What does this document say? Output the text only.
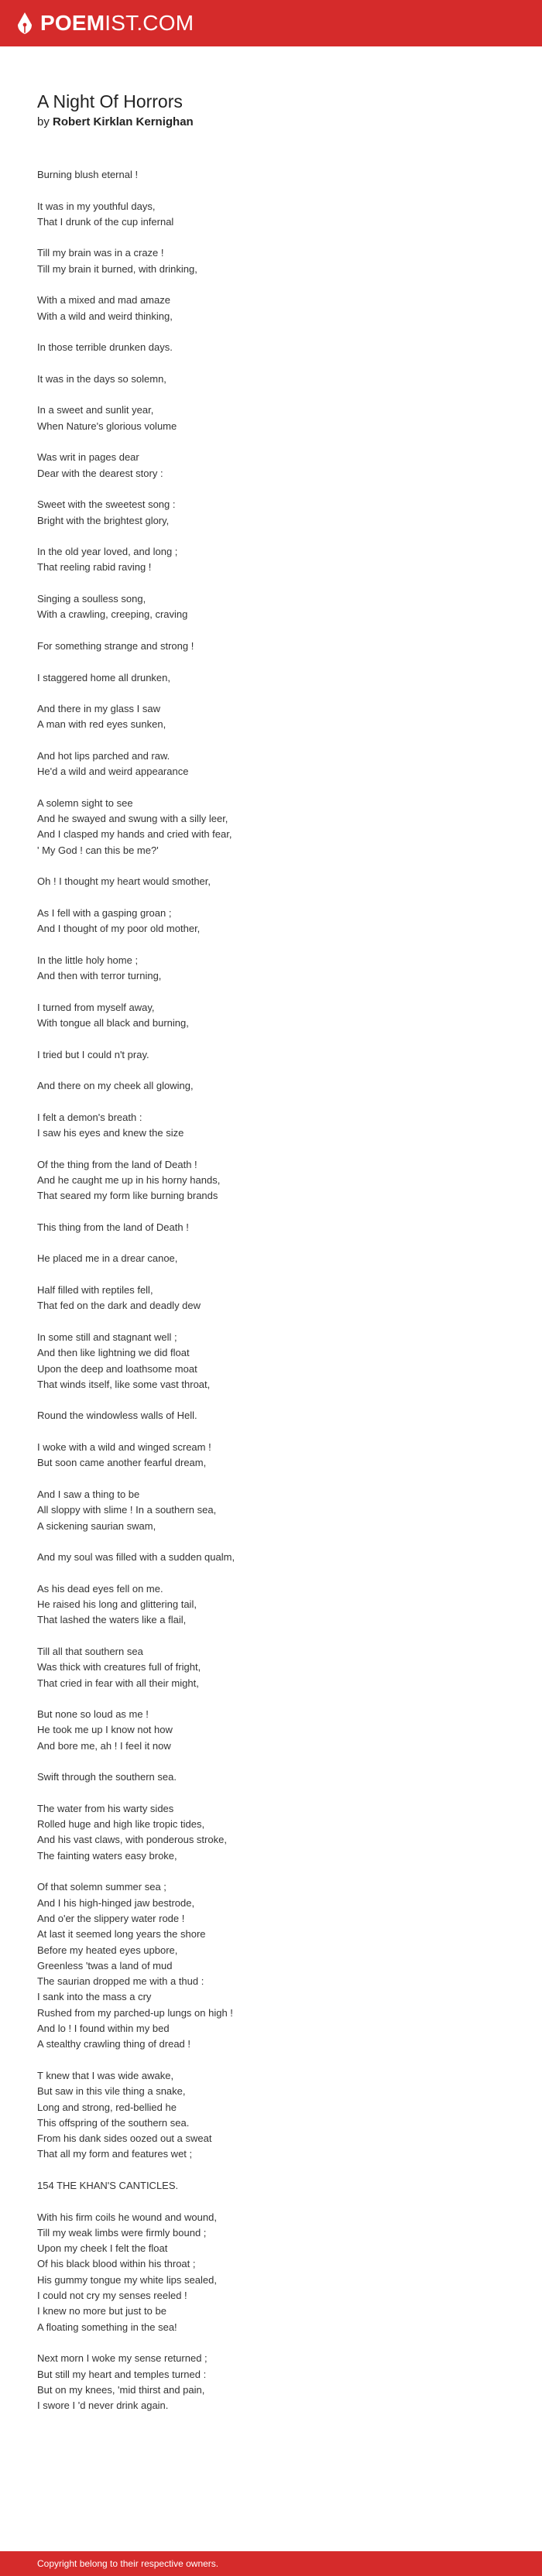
POEMIST.COM
A Night Of Horrors
by Robert Kirklan Kernighan

Burning blush eternal !

It was in my youthful days,
That I drunk of the cup infernal

Till my brain was in a craze !
Till my brain it burned, with drinking,

With a mixed and mad amaze
With a wild and weird thinking,

In those terrible drunken days.

It was in the days so solemn,

In a sweet and sunlit year,
When Nature's glorious volume

Was writ in pages dear
Dear with the dearest story :

Sweet with the sweetest song :
Bright with the brightest glory,

In the old year loved, and long ;
That reeling rabid raving !

Singing a soulless song,
With a crawling, creeping, craving

For something strange and strong !

I staggered home all drunken,

And there in my glass I saw
A man with red eyes sunken,

And hot lips parched and raw.
He'd a wild and weird appearance

A solemn sight to see
And he swayed and swung with a silly leer,
And I clasped my hands and cried with fear,
' My God ! can this be me?'

Oh ! I thought my heart would smother,

As I fell with a gasping groan ;
And I thought of my poor old mother,

In the little holy home ;
And then with terror turning,

I turned from myself away,
With tongue all black and burning,

I tried but I could n't pray.

And there on my cheek all glowing,

I felt a demon's breath :
I saw his eyes and knew the size

Of the thing from the land of Death !
And he caught me up in his horny hands,
That seared my form like burning brands

This thing from the land of Death !

He placed me in a drear canoe,

Half filled with reptiles fell,
That fed on the dark and deadly dew

In some still and stagnant well ;
And then like lightning we did float
Upon the deep and loathsome moat
That winds itself, like some vast throat,

Round the windowless walls of Hell.

I woke with a wild and winged scream !
But soon came another fearful dream,

And I saw a thing to be
All sloppy with slime ! In a southern sea,
A sickening saurian swam,

And my soul was filled with a sudden qualm,

As his dead eyes fell on me.
He raised his long and glittering tail,
That lashed the waters like a flail,

Till all that southern sea
Was thick with creatures full of fright,
That cried in fear with all their might,

But none so loud as me !
He took me up I know not how
And bore me, ah ! I feel it now

Swift through the southern sea.

The water from his warty sides
Rolled huge and high like tropic tides,
And his vast claws, with ponderous stroke,
The fainting waters easy broke,

Of that solemn summer sea ;
And I his high-hinged jaw bestrode,
And o'er the slippery water rode !
At last it seemed long years the shore
Before my heated eyes upbore,
Greenless 'twas a land of mud
The saurian dropped me with a thud :
I sank into the mass a cry
Rushed from my parched-up lungs on high !
And lo ! I found within my bed
A stealthy crawling thing of dread !

T knew that I was wide awake,
But saw in this vile thing a snake,
Long and strong, red-bellied he
This offspring of the southern sea.
From his dank sides oozed out a sweat
That all my form and features wet ;

154 THE KHAN'S CANTICLES.

With his firm coils he wound and wound,
Till my weak limbs were firmly bound ;
Upon my cheek I felt the float
Of his black blood within his throat ;
His gummy tongue my white lips sealed,
I could not cry my senses reeled !
I knew no more but just to be
A floating something in the sea!

Next morn I woke my sense returned ;
But still my heart and temples turned :
But on my knees, 'mid thirst and pain,
I swore I 'd never drink again.

Copyright belong to their respective owners.
